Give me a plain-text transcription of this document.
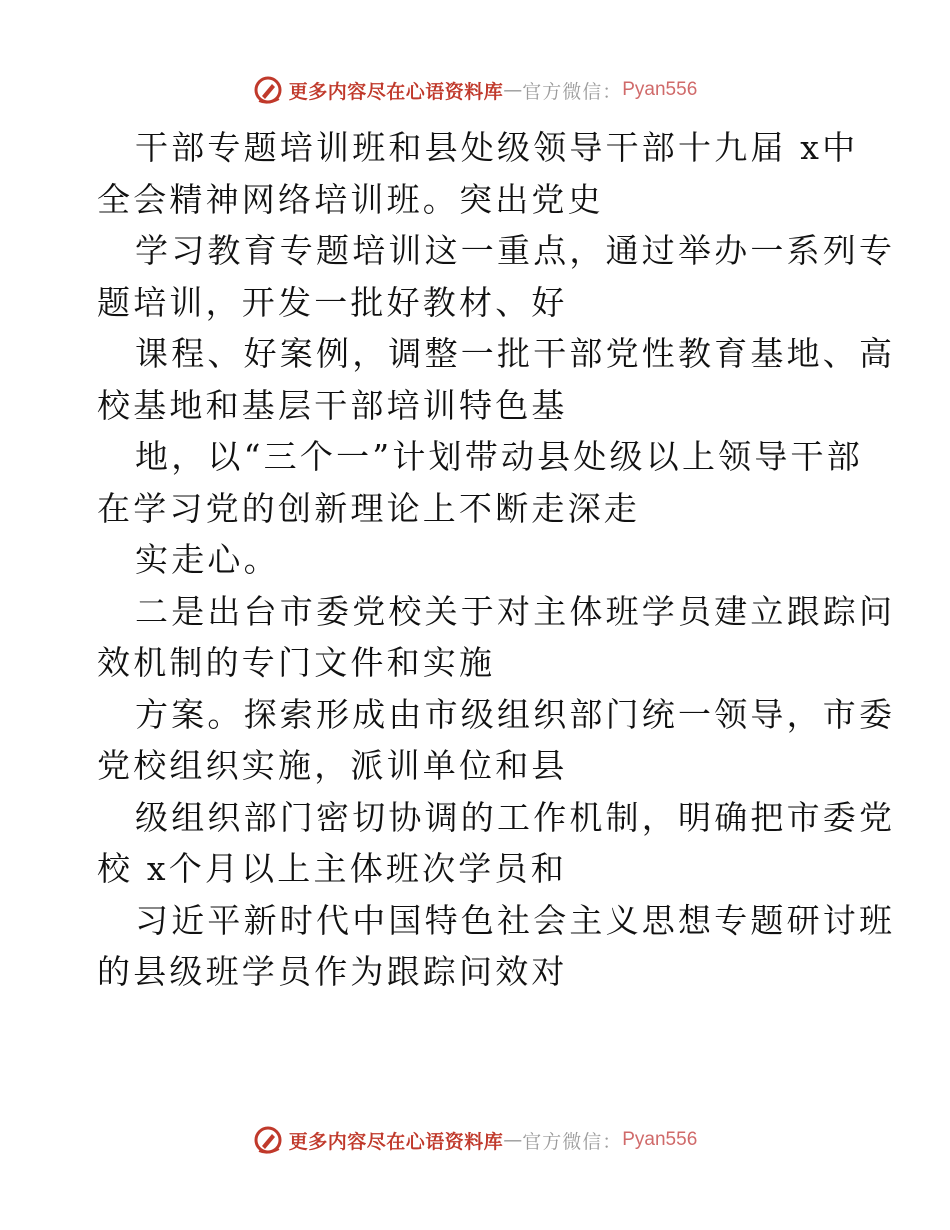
更多内容尽在心语资料库 — 官方微信： Pyan556
干部专题培训班和县处级领导干部十九届 x中
全会精神网络培训班。突出党史
学习教育专题培训这一重点，通过举办一系列专
题培训，开发一批好教材、好
课程、好案例，调整一批干部党性教育基地、高
校基地和基层干部培训特色基
地，以“三个一”计划带动县处级以上领导干部
在学习党的创新理论上不断走深走
实走心。
二是出台市委党校关于对主体班学员建立跟踪问
效机制的专门文件和实施
方案。探索形成由市级组织部门统一领导，市委
党校组织实施，派训单位和县
级组织部门密切协调的工作机制，明确把市委党
校 x个月以上主体班次学员和
习近平新时代中国特色社会主义思想专题研讨班
的县级班学员作为跟踪问效对
更多内容尽在心语资料库 — 官方微信： Pyan556
